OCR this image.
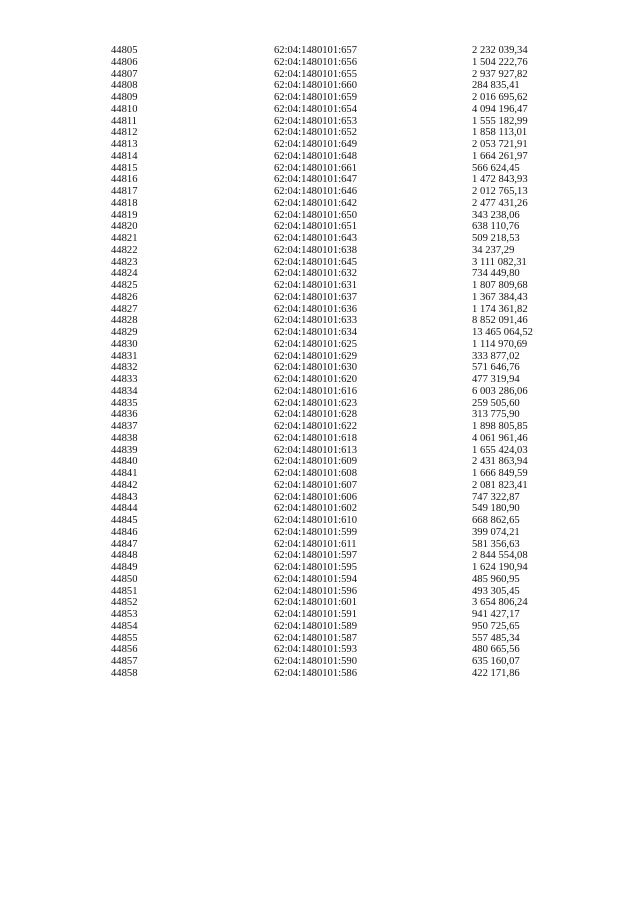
44805	62:04:1480101:657	2 232 039,34
44806	62:04:1480101:656	1 504 222,76
44807	62:04:1480101:655	2 937 927,82
44808	62:04:1480101:660	284 835,41
44809	62:04:1480101:659	2 016 695,62
44810	62:04:1480101:654	4 094 196,47
44811	62:04:1480101:653	1 555 182,99
44812	62:04:1480101:652	1 858 113,01
44813	62:04:1480101:649	2 053 721,91
44814	62:04:1480101:648	1 664 261,97
44815	62:04:1480101:661	566 624,45
44816	62:04:1480101:647	1 472 843,93
44817	62:04:1480101:646	2 012 765,13
44818	62:04:1480101:642	2 477 431,26
44819	62:04:1480101:650	343 238,06
44820	62:04:1480101:651	638 110,76
44821	62:04:1480101:643	509 218,53
44822	62:04:1480101:638	34 237,29
44823	62:04:1480101:645	3 111 082,31
44824	62:04:1480101:632	734 449,80
44825	62:04:1480101:631	1 807 809,68
44826	62:04:1480101:637	1 367 384,43
44827	62:04:1480101:636	1 174 361,82
44828	62:04:1480101:633	8 852 091,46
44829	62:04:1480101:634	13 465 064,52
44830	62:04:1480101:625	1 114 970,69
44831	62:04:1480101:629	333 877,02
44832	62:04:1480101:630	571 646,76
44833	62:04:1480101:620	477 319,94
44834	62:04:1480101:616	6 003 286,06
44835	62:04:1480101:623	259 505,60
44836	62:04:1480101:628	313 775,90
44837	62:04:1480101:622	1 898 805,85
44838	62:04:1480101:618	4 061 961,46
44839	62:04:1480101:613	1 655 424,03
44840	62:04:1480101:609	2 431 863,94
44841	62:04:1480101:608	1 666 849,59
44842	62:04:1480101:607	2 081 823,41
44843	62:04:1480101:606	747 322,87
44844	62:04:1480101:602	549 180,90
44845	62:04:1480101:610	668 862,65
44846	62:04:1480101:599	399 074,21
44847	62:04:1480101:611	581 356,63
44848	62:04:1480101:597	2 844 554,08
44849	62:04:1480101:595	1 624 190,94
44850	62:04:1480101:594	485 960,95
44851	62:04:1480101:596	493 305,45
44852	62:04:1480101:601	3 654 806,24
44853	62:04:1480101:591	941 427,17
44854	62:04:1480101:589	950 725,65
44855	62:04:1480101:587	557 485,34
44856	62:04:1480101:593	480 665,56
44857	62:04:1480101:590	635 160,07
44858	62:04:1480101:586	422 171,86
